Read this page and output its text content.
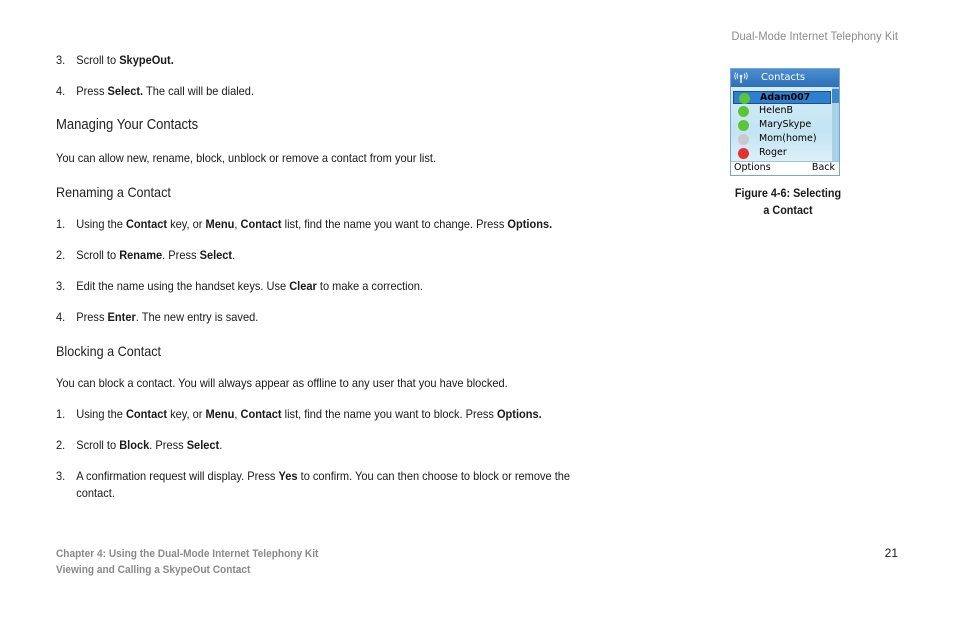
Dual-Mode Internet Telephony Kit
3. Scroll to SkypeOut.
4. Press Select. The call will be dialed.
Managing Your Contacts
You can allow new, rename, block, unblock or remove a contact from your list.
Renaming a Contact
1. Using the Contact key, or Menu, Contact list, find the name you want to change. Press Options.
2. Scroll to Rename. Press Select.
3. Edit the name using the handset keys. Use Clear to make a correction.
4. Press Enter. The new entry is saved.
Blocking a Contact
You can block a contact. You will always appear as offline to any user that you have blocked.
1. Using the Contact key, or Menu, Contact list, find the name you want to block. Press Options.
2. Scroll to Block. Press Select.
3. A confirmation request will display. Press Yes to confirm. You can then choose to block or remove the
contact.
Contacts
Adam007
HelenB
MarySkype
Mom(home)
Roger
Options	Back
Figure 4-6: Selecting
a Contact
Chapter 4: Using the Dual-Mode Internet Telephony Kit
Viewing and Calling a SkypeOut Contact
21
